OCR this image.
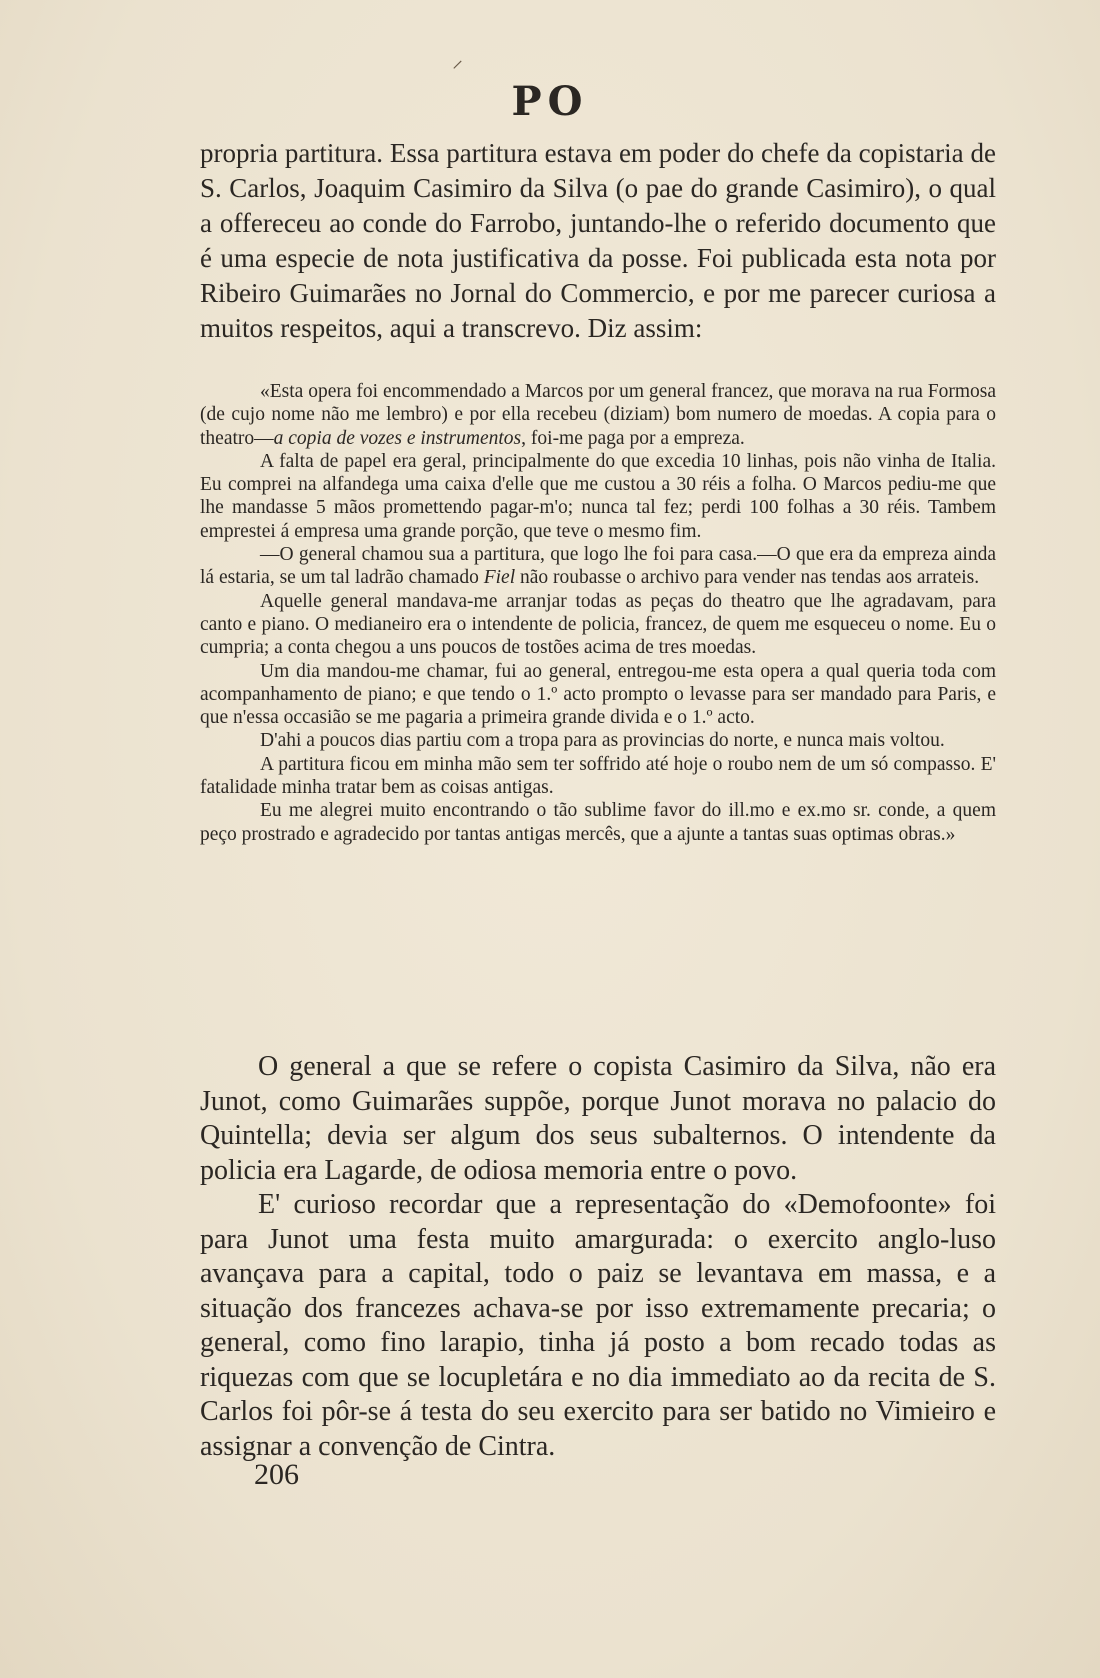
⸝
PO
propria partitura. Essa partitura estava em poder do chefe da copistaria de S. Carlos, Joaquim Casimiro da Silva (o pae do grande Casimiro), o qual a offereceu ao conde do Farrobo, juntando-lhe o referido documento que é uma especie de nota justificativa da posse. Foi publicada esta nota por Ribeiro Guimarães no Jornal do Commercio, e por me parecer curiosa a muitos respeitos, aqui a transcrevo. Diz assim:

«Esta opera foi encommendado a Marcos por um general francez, que morava na rua Formosa (de cujo nome não me lembro) e por ella recebeu (diziam) bom numero de moedas. A copia para o theatro—a copia de vozes e instrumentos, foi-me paga por a empreza.

A falta de papel era geral, principalmente do que excedia 10 linhas, pois não vinha de Italia. Eu comprei na alfandega uma caixa d'elle que me custou a 30 réis a folha. O Marcos pediu-me que lhe mandasse 5 mãos promettendo pagar-m'o; nunca tal fez; perdi 100 folhas a 30 réis. Tambem emprestei á empresa uma grande porção, que teve o mesmo fim.

—O general chamou sua a partitura, que logo lhe foi para casa.—O que era da empreza ainda lá estaria, se um tal ladrão chamado Fiel não roubasse o archivo para vender nas tendas aos arrateis.

Aquelle general mandava-me arranjar todas as peças do theatro que lhe agradavam, para canto e piano. O medianeiro era o intendente de policia, francez, de quem me esqueceu o nome. Eu o cumpria; a conta chegou a uns poucos de tostões acima de tres moedas.

Um dia mandou-me chamar, fui ao general, entregou-me esta opera a qual queria toda com acompanhamento de piano; e que tendo o 1.º acto prompto o levasse para ser mandado para Paris, e que n'essa occasião se me pagaria a primeira grande divida e o 1.º acto.

D'ahi a poucos dias partiu com a tropa para as provincias do norte, e nunca mais voltou.

A partitura ficou em minha mão sem ter soffrido até hoje o roubo nem de um só compasso. E' fatalidade minha tratar bem as coisas antigas.

Eu me alegrei muito encontrando o tão sublime favor do ill.mo e ex.mo sr. conde, a quem peço prostrado e agradecido por tantas antigas mercês, que a ajunte a tantas suas optimas obras.»

O general a que se refere o copista Casimiro da Silva, não era Junot, como Guimarães suppõe, porque Junot morava no palacio do Quintella; devia ser algum dos seus subalternos. O intendente da policia era Lagarde, de odiosa memoria entre o povo.

E' curioso recordar que a representação do «Demofoonte» foi para Junot uma festa muito amargurada: o exercito anglo-luso avançava para a capital, todo o paiz se levantava em massa, e a situação dos francezes achava-se por isso extremamente precaria; o general, como fino larapio, tinha já posto a bom recado todas as riquezas com que se locupletára e no dia immediato ao da recita de S. Carlos foi pôr-se á testa do seu exercito para ser batido no Vimieiro e assignar a convenção de Cintra.

206
